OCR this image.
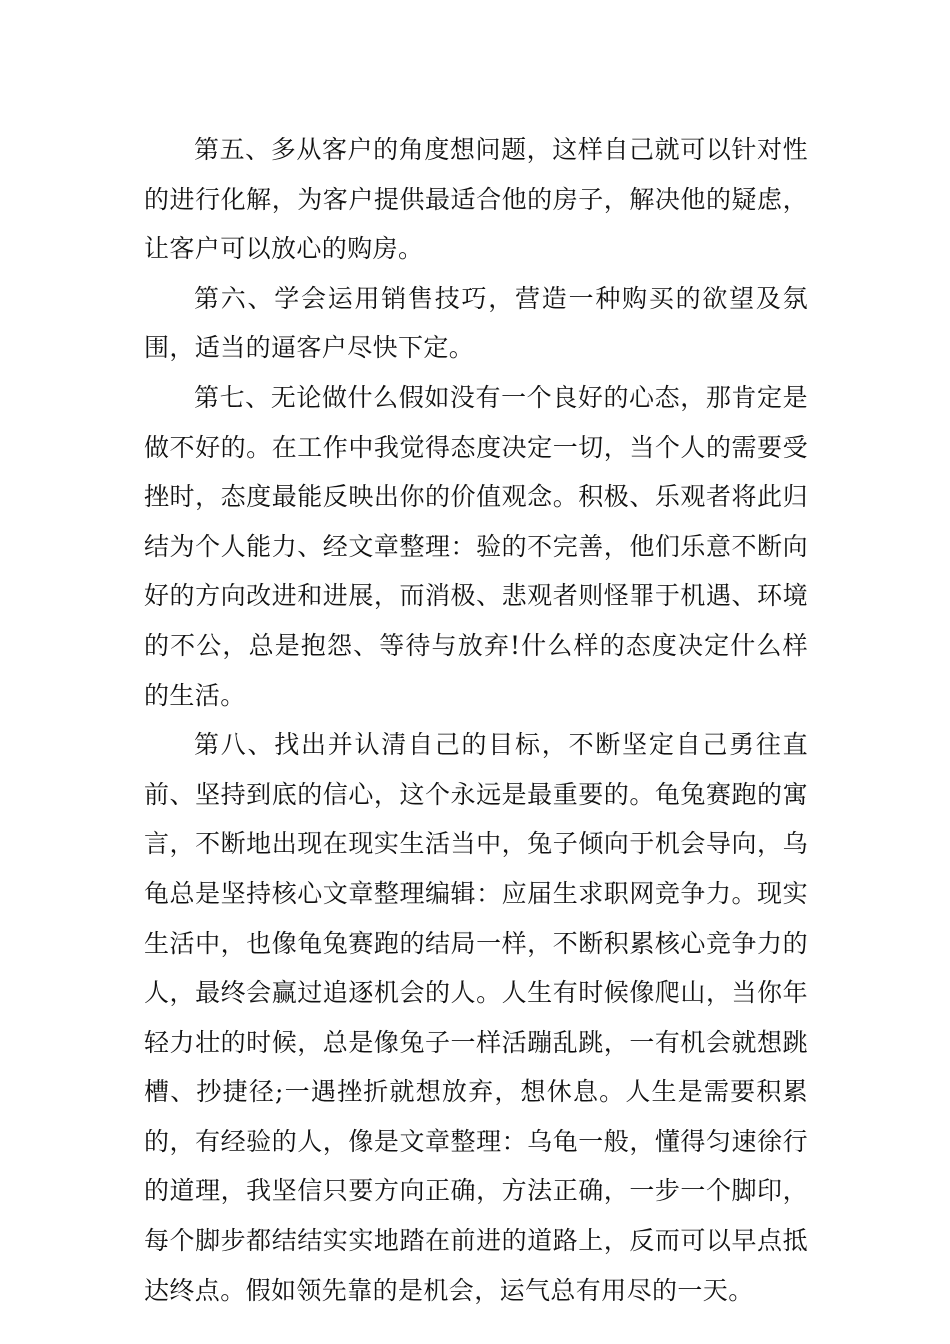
第五、多从客户的角度想问题，这样自己就可以针对性的进行化解，为客户提供最适合他的房子，解决他的疑虑，让客户可以放心的购房。

第六、学会运用销售技巧，营造一种购买的欲望及氛围，适当的逼客户尽快下定。

第七、无论做什么假如没有一个良好的心态，那肯定是做不好的。在工作中我觉得态度决定一切，当个人的需要受挫时，态度最能反映出你的价值观念。积极、乐观者将此归结为个人能力、经文章整理：验的不完善，他们乐意不断向好的方向改进和进展，而消极、悲观者则怪罪于机遇、环境的不公，总是抱怨、等待与放弃!什么样的态度决定什么样的生活。

第八、找出并认清自己的目标，不断坚定自己勇往直前、坚持到底的信心，这个永远是最重要的。龟兔赛跑的寓言，不断地出现在现实生活当中，兔子倾向于机会导向，乌龟总是坚持核心文章整理编辑：应届生求职网竞争力。现实生活中，也像龟兔赛跑的结局一样，不断积累核心竞争力的人，最终会赢过追逐机会的人。人生有时候像爬山，当你年轻力壮的时候，总是像兔子一样活蹦乱跳，一有机会就想跳槽、抄捷径;一遇挫折就想放弃，想休息。人生是需要积累的，有经验的人，像是文章整理：乌龟一般，懂得匀速徐行的道理，我坚信只要方向正确，方法正确，一步一个脚印，每个脚步都结结实实地踏在前进的道路上，反而可以早点抵达终点。假如领先靠的是机会，运气总有用尽的一天。
